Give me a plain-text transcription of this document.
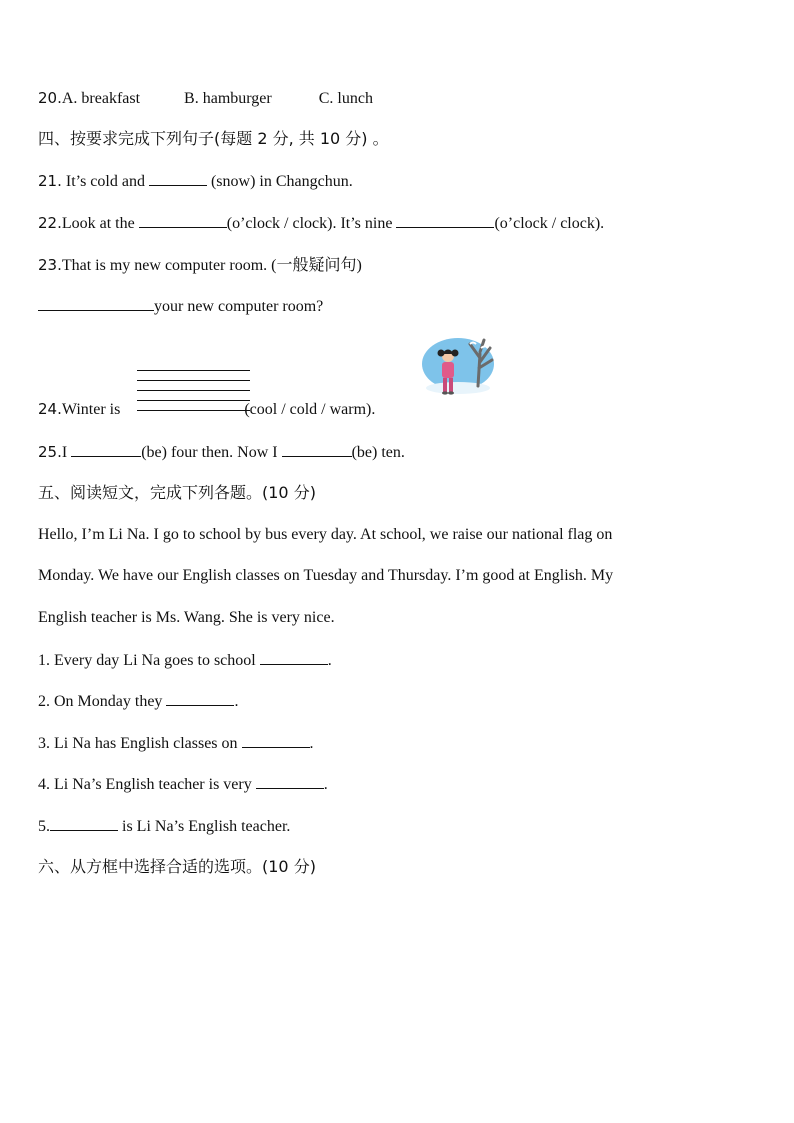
20.A. breakfast	B. hamburger	C. lunch
四、按要求完成下列句子(每题 2 分, 共 10 分) 。
21. It’s cold and	(snow) in Changchun.
22.Look at the	(o’clock / clock). It’s nine	(o’clock / clock).
23.That is my new computer room. (一般疑问句)
your new computer room?
24.Winter is	(cool / cold / warm).
25.I	(be) four then. Now I	(be) ten.
五、阅读短文，完成下列各题。(10 分)
Hello, I’m Li Na. I go to school by bus every day. At school, we raise our national flag on
Monday. We have our English classes on Tuesday and Thursday. I’m good at English. My
English teacher is Ms. Wang. She is very nice.
1. Every day Li Na goes to school	.
2. On Monday they	.
3. Li Na has English classes on	.
4. Li Na’s English teacher is very	.
5.	is Li Na’s English teacher.
六、从方框中选择合适的选项。(10 分)
